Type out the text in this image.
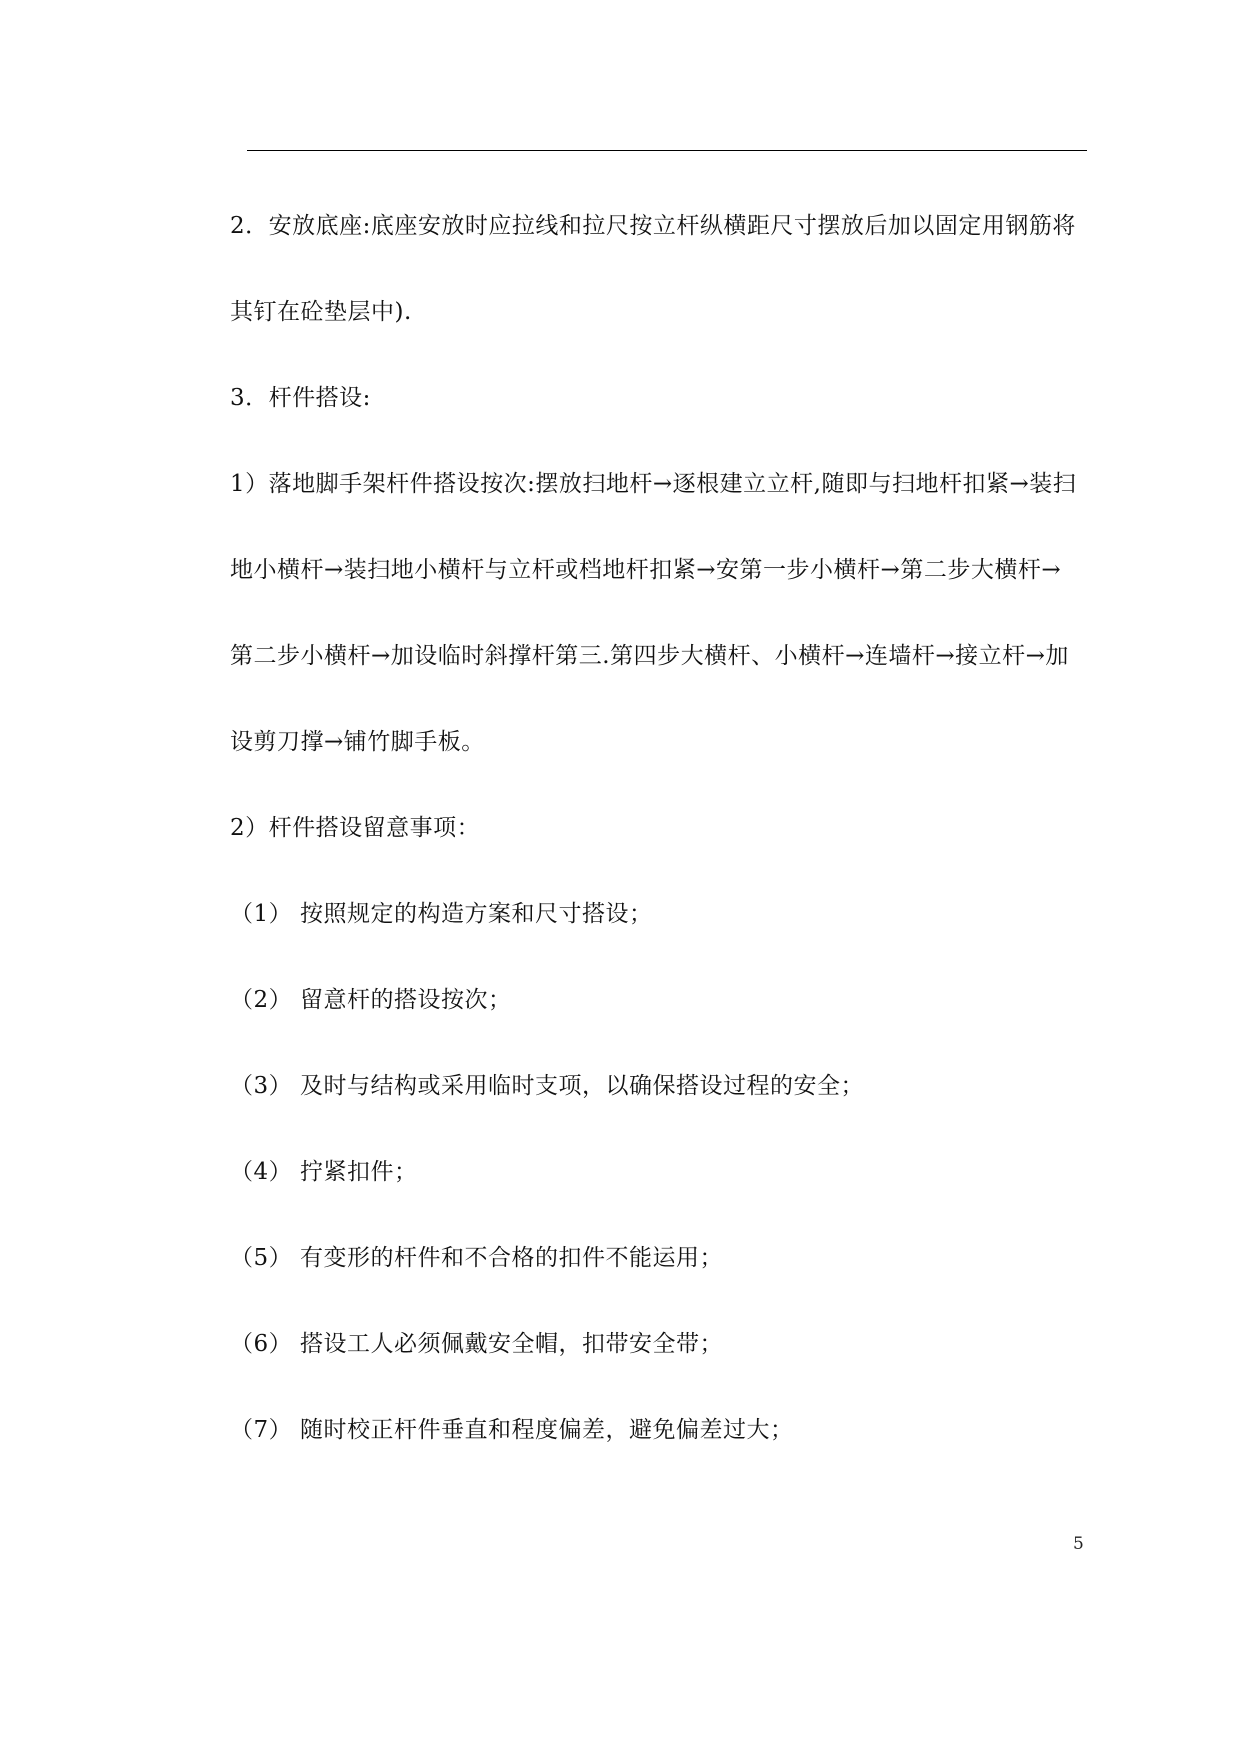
2．安放底座:底座安放时应拉线和拉尺按立杆纵横距尺寸摆放后加以固定用钢筋将
其钉在砼垫层中).
3．杆件搭设:
1）落地脚手架杆件搭设按次:摆放扫地杆→逐根建立立杆,随即与扫地杆扣紧→装扫
地小横杆→装扫地小横杆与立杆或档地杆扣紧→安第一步小横杆→第二步大横杆→
第二步小横杆→加设临时斜撑杆第三.第四步大横杆、小横杆→连墙杆→接立杆→加
设剪刀撑→铺竹脚手板。
2）杆件搭设留意事项：
（1） 按照规定的构造方案和尺寸搭设；
（2） 留意杆的搭设按次；
（3） 及时与结构或采用临时支项，以确保搭设过程的安全；
（4） 拧紧扣件；
（5） 有变形的杆件和不合格的扣件不能运用；
（6） 搭设工人必须佩戴安全帽，扣带安全带；
（7） 随时校正杆件垂直和程度偏差，避免偏差过大；
5
